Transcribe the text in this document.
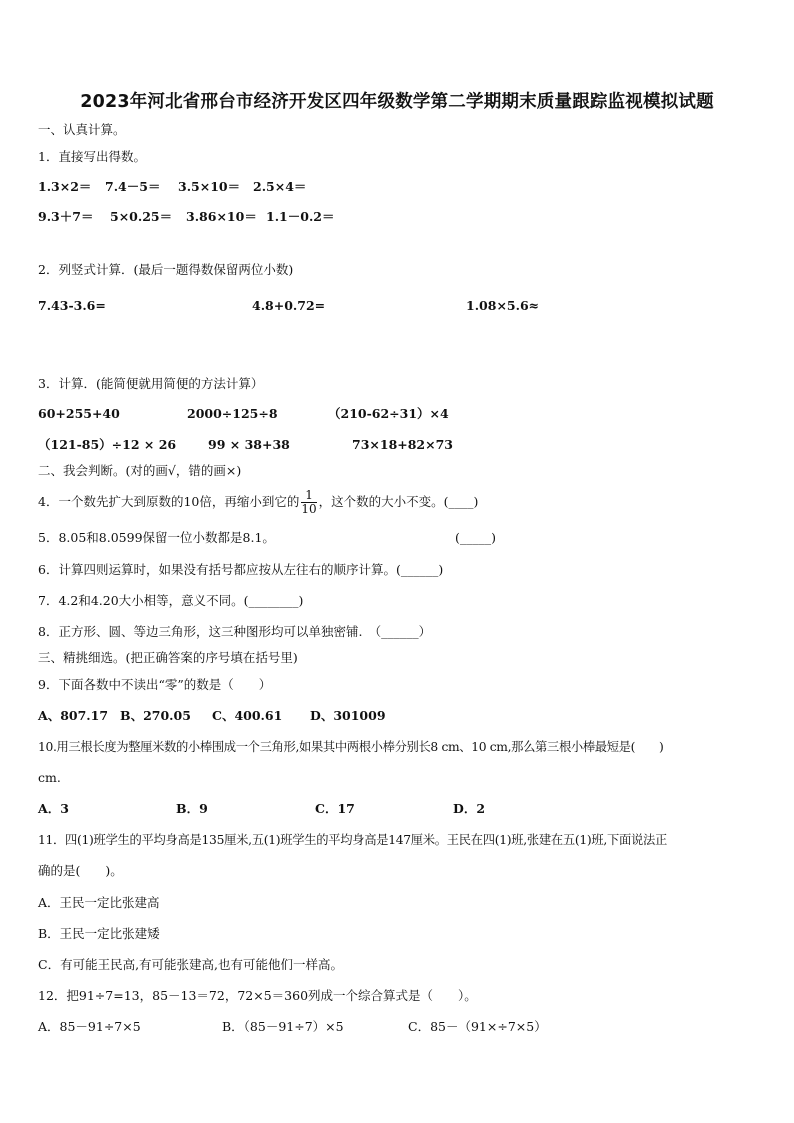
2023年河北省邢台市经济开发区四年级数学第二学期期末质量跟踪监视模拟试题
一、认真计算。
1．直接写出得数。
1.3×2＝ 7.4－5＝ 3.5×10＝ 2.5×4＝
9.3＋7＝ 5×0.25＝ 3.86×10＝ 1.1－0.2＝
2．列竖式计算．(最后一题得数保留两位小数)
7.43-3.6=	4.8+0.72=	1.08×5.6≈
3．计算．(能简便就用简便的方法计算）
60+255+40	2000÷125÷8	（210-62÷31）×4
（121-85）÷12 × 26	99 × 38+38	73×18+82×73
二、我会判断。(对的画√，错的画×)
4．一个数先扩大到原数的10倍，再缩小到它的 $\frac{1}{10}$ ，这个数的大小不变。(____)
5．8.05和8.0599保留一位小数都是8.1。	(_____)
6．计算四则运算时，如果没有括号都应按从左往右的顺序计算。(______)
7．4.2和4.20大小相等，意义不同。(________)
8．正方形、圆、等边三角形，这三种图形均可以单独密铺.　（______）
三、精挑细选。(把正确答案的序号填在括号里)
9．下面各数中不读出“零”的数是（　　）
A、807.17 B、270.05 C、400.61 D、301009
10.用三根长度为整厘米数的小棒围成一个三角形,如果其中两根小棒分别长8 cm、10 cm,那么第三根小棒最短是(　　)
cm.
A．3	B．9	C．17	D．2
11．四(1)班学生的平均身高是135厘米,五(1)班学生的平均身高是147厘米。王民在四(1)班,张建在五(1)班,下面说法正
确的是(　　)。
A．王民一定比张建高
B．王民一定比张建矮
C．有可能王民高,有可能张建高,也有可能他们一样高。
12．把91÷7=13，85－13＝72，72×5＝360列成一个综合算式是（　　）。
A．85－91÷7×5	B．（85－91÷7）×5	C．85－（91×÷7×5）
